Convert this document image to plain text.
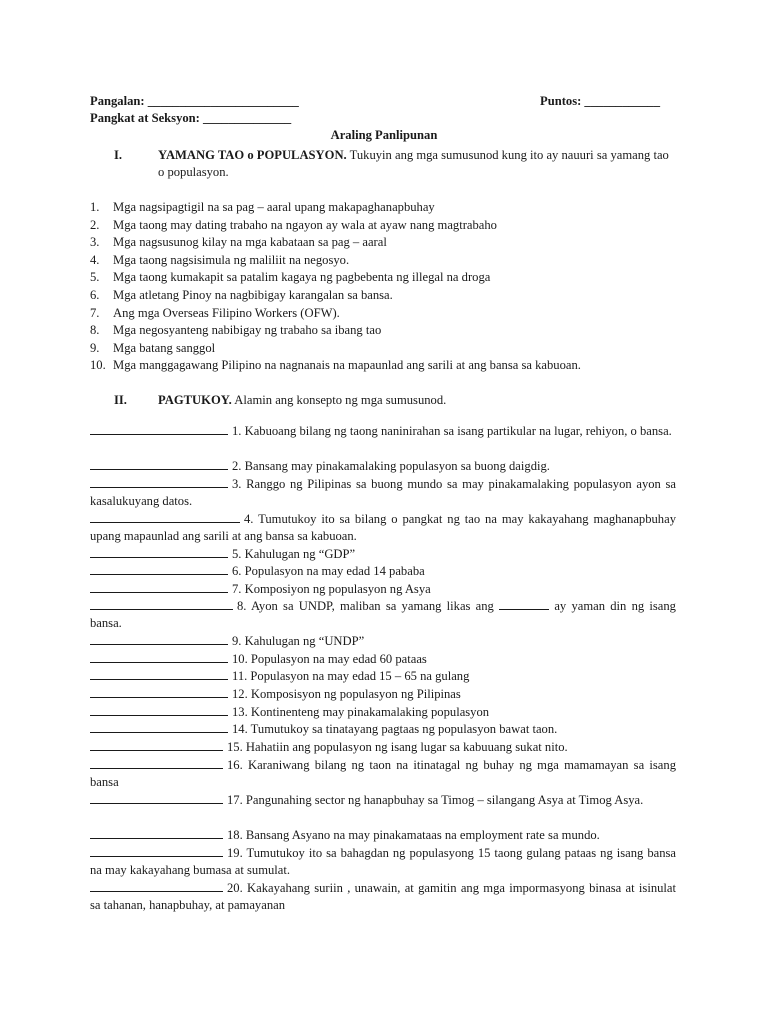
Pangalan: ________________________	Puntos: ____________
Pangkat at Seksyon: ______________
Araling Panlipunan
I.	YAMANG TAO o POPULASYON. Tukuyin ang mga sumusunod kung ito ay nauuri sa yamang tao o populasyon.
1.	Mga nagsipagtigil na sa pag – aaral upang makapaghanapbuhay
2.	Mga taong may dating trabaho na ngayon ay wala at ayaw nang magtrabaho
3.	Mga nagsusunog kilay na mga kabataan sa pag – aaral
4.	Mga taong nagsisimula ng maliliit na negosyo.
5.	Mga taong kumakapit sa patalim kagaya ng pagbebenta ng illegal na droga
6.	Mga atletang Pinoy na nagbibigay karangalan sa bansa.
7.	Ang mga Overseas Filipino Workers (OFW).
8.	Mga negosyanteng nabibigay ng trabaho sa ibang tao
9.	Mga batang sanggol
10. Mga manggagawang Pilipino na nagnanais na mapaunlad ang sarili at ang bansa sa kabuoan.
II. PAGTUKOY. Alamin ang konsepto ng mga sumusunod.
1. Kabuoang bilang ng taong naninirahan sa isang partikular na lugar, rehiyon, o bansa.
2. Bansang may pinakamalaking populasyon sa buong daigdig.
3. Ranggo ng Pilipinas sa buong mundo sa may pinakamalaking populasyon ayon sa kasalukuyang datos.
4. Tumutukoy ito sa bilang o pangkat ng tao na may kakayahang maghanapbuhay upang mapaunlad ang sarili at ang bansa sa kabuoan.
5. Kahulugan ng “GDP”
6. Populasyon na may edad 14 pababa
7. Komposiyon ng populasyon ng Asya
8. Ayon sa UNDP, maliban sa yamang likas ang	ay yaman din ng isang bansa.
9. Kahulugan ng “UNDP”
10. Populasyon na may edad 60 pataas
11. Populasyon na may edad 15 – 65 na gulang
12. Komposisyon ng populasyon ng Pilipinas
13. Kontinenteng may pinakamalaking populasyon
14. Tumutukoy sa tinatayang pagtaas ng populasyon bawat taon.
15. Hahatiin ang populasyon ng isang lugar sa kabuuang sukat nito.
16. Karaniwang bilang ng taon na itinatagal ng buhay ng mga mamamayan sa isang bansa
17. Pangunahing sector ng hanapbuhay sa Timog – silangang Asya at Timog Asya.
18. Bansang Asyano na may pinakamataas na employment rate sa mundo.
19. Tumutukoy ito sa bahagdan ng populasyong 15 taong gulang pataas ng isang bansa na may kakayahang bumasa at sumulat.
20. Kakayahang suriin , unawain, at gamitin ang mga impormasyong binasa at isinulat sa tahanan, hanapbuhay, at pamayanan
